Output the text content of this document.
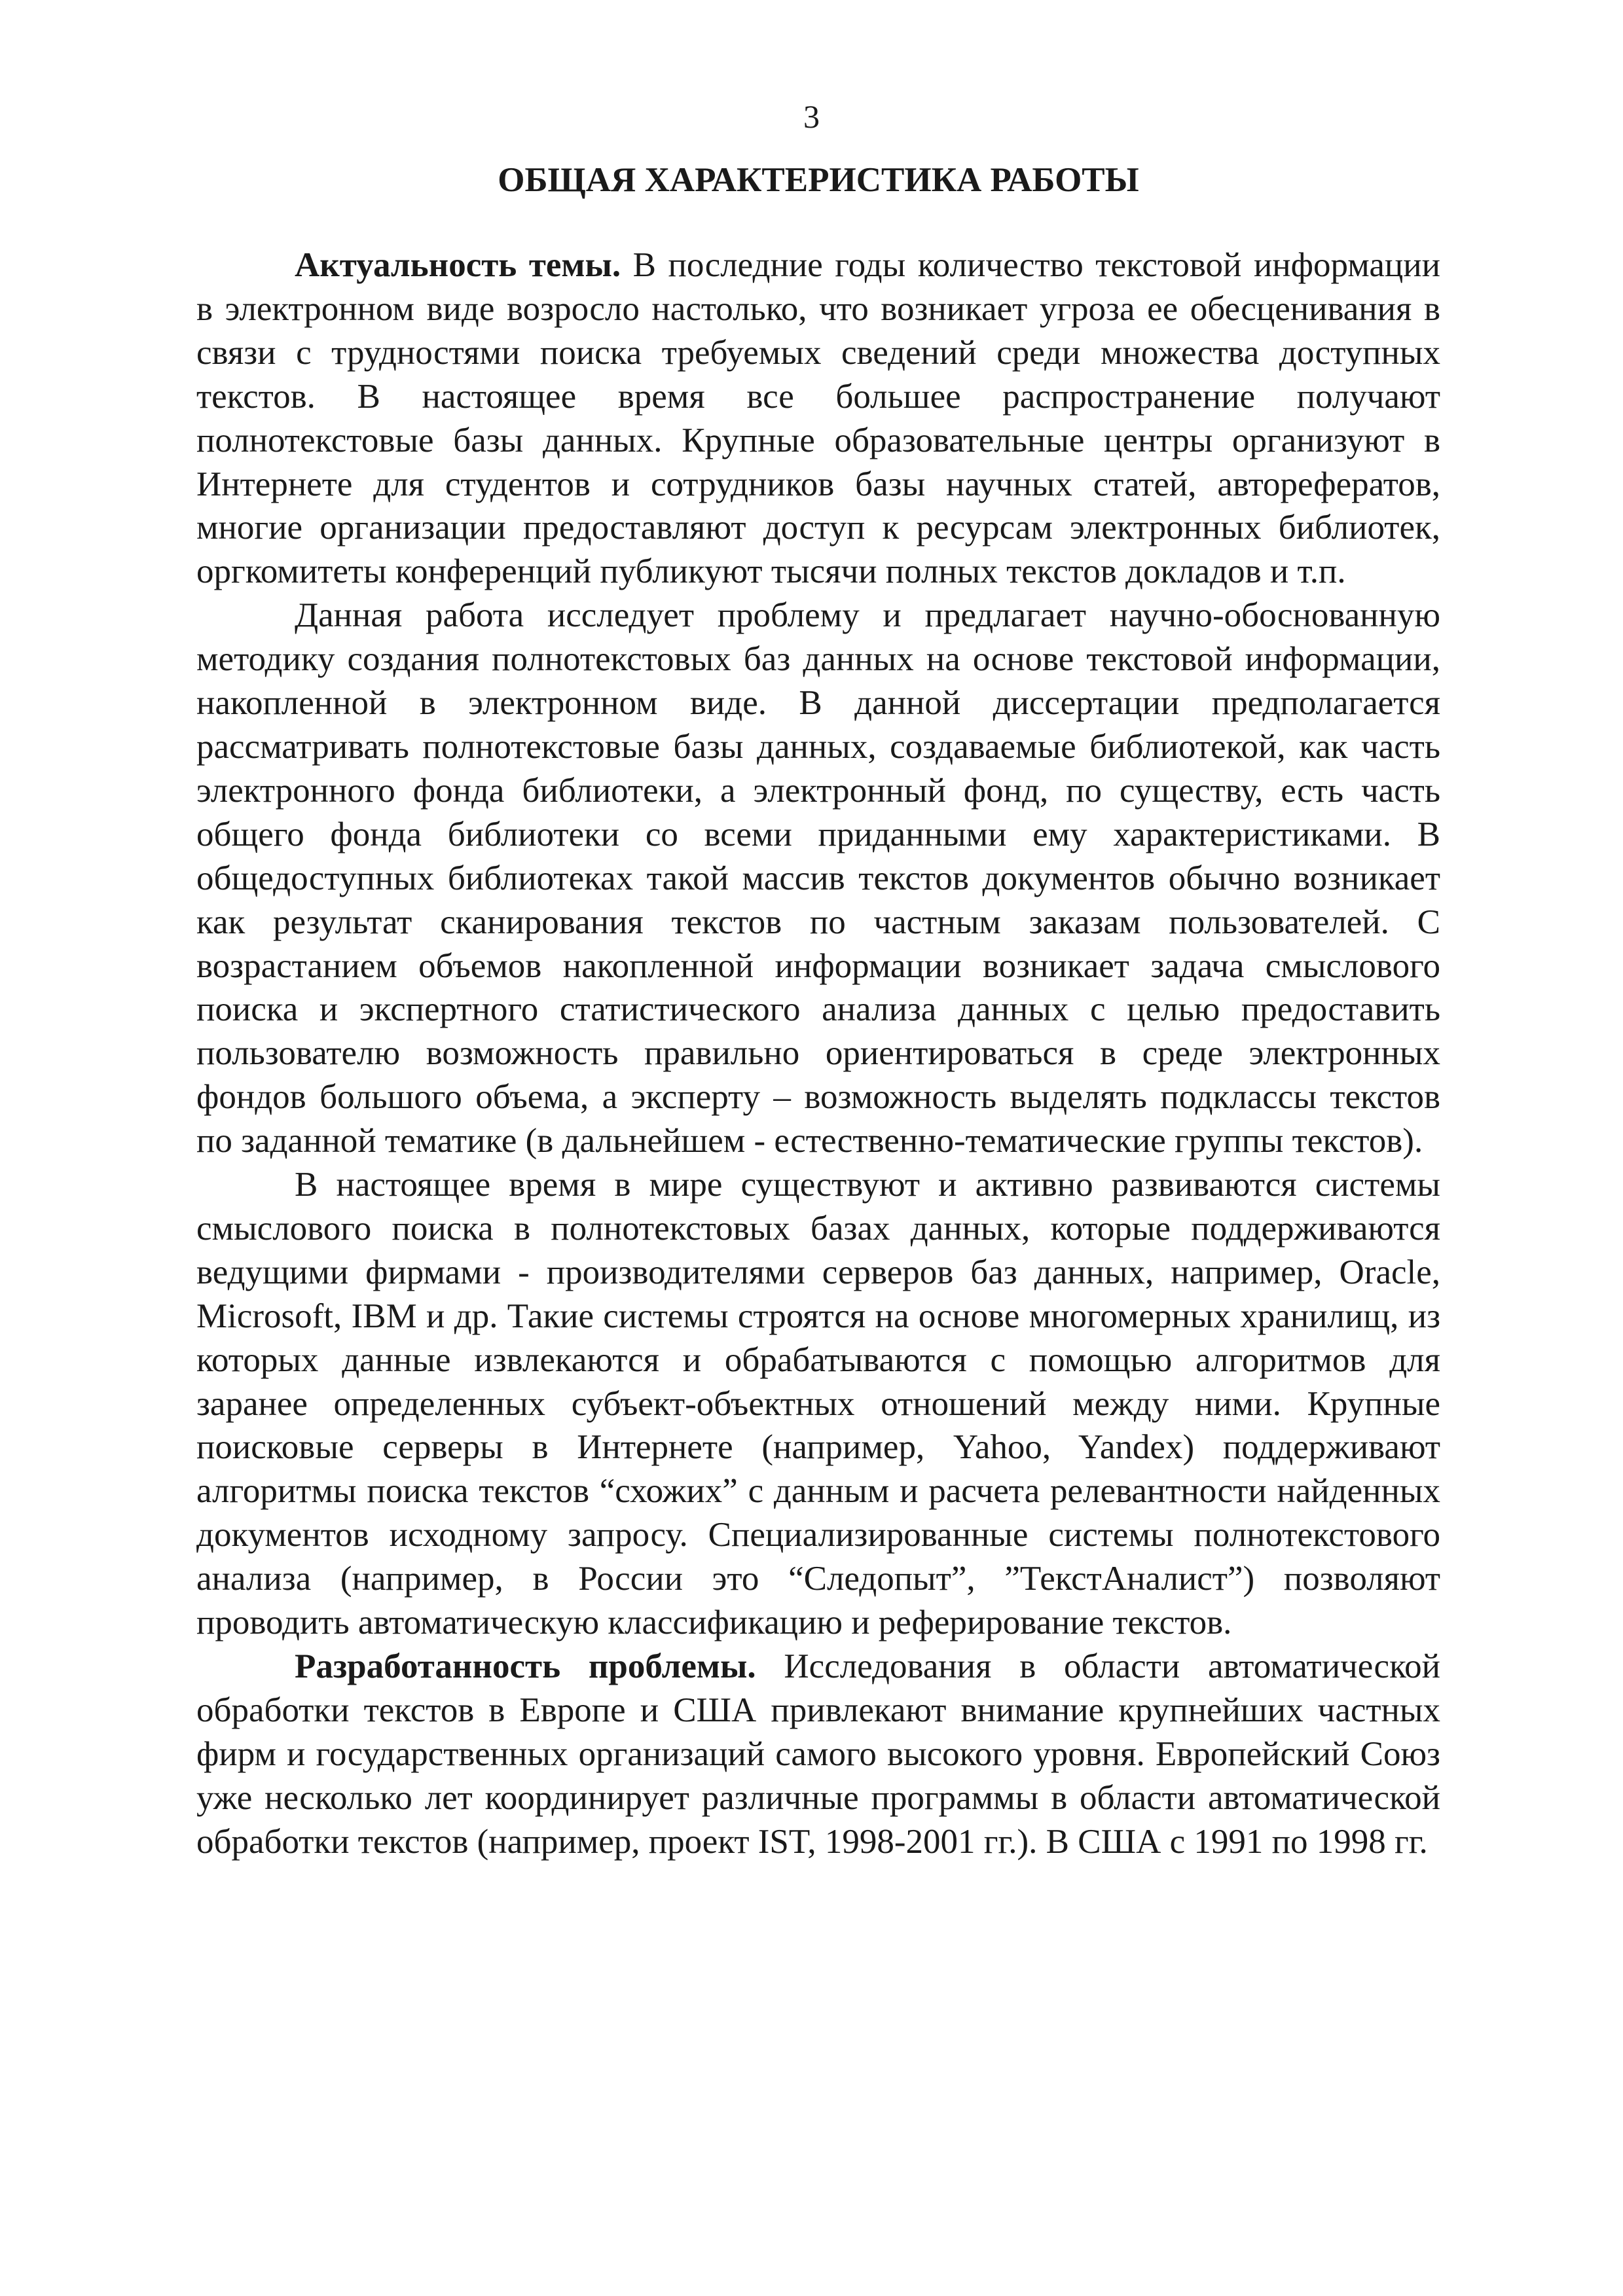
3
ОБЩАЯ ХАРАКТЕРИСТИКА РАБОТЫ

Актуальность темы. В последние годы количество текстовой информации в электронном виде возросло настолько, что возникает угроза ее обесценивания в связи с трудностями поиска требуемых сведений среди множества доступных текстов. В настоящее время все большее распространение получают полнотекстовые базы данных. Крупные образовательные центры организуют в Интернете для студентов и сотрудников базы научных статей, авторефератов, многие организации предоставляют доступ к ресурсам электронных библиотек, оргкомитеты конференций публикуют тысячи полных текстов докладов и т.п.

Данная работа исследует проблему и предлагает научно-обоснованную методику создания полнотекстовых баз данных на основе текстовой информации, накопленной в электронном виде. В данной диссертации предполагается рассматривать полнотекстовые базы данных, создаваемые библиотекой, как часть электронного фонда библиотеки, а электронный фонд, по существу, есть часть общего фонда библиотеки со всеми приданными ему характеристиками. В общедоступных библиотеках такой массив текстов документов обычно возникает как результат сканирования текстов по частным заказам пользователей. С возрастанием объемов накопленной информации возникает задача смыслового поиска и экспертного статистического анализа данных с целью предоставить пользователю возможность правильно ориентироваться в среде электронных фондов большого объема, а эксперту – возможность выделять подклассы текстов по заданной тематике (в дальнейшем - естественно-тематические группы текстов).

В настоящее время в мире существуют и активно развиваются системы смыслового поиска в полнотекстовых базах данных, которые поддерживаются ведущими фирмами - производителями серверов баз данных, например, Oracle, Microsoft, IBM и др. Такие системы строятся на основе многомерных хранилищ, из которых данные извлекаются и обрабатываются с помощью алгоритмов для заранее определенных субъект-объектных отношений между ними. Крупные поисковые серверы в Интернете (например, Yahoo, Yandex) поддерживают алгоритмы поиска текстов “схожих” с данным и расчета релевантности найденных документов исходному запросу. Специализированные системы полнотекстового анализа (например, в России это “Следопыт”, ”ТекстАналист”) позволяют проводить автоматическую классификацию и реферирование текстов.

Разработанность проблемы. Исследования в области автоматической обработки текстов в Европе и США привлекают внимание крупнейших частных фирм и государственных организаций самого высокого уровня. Европейский Союз уже несколько лет координирует различные программы в области автоматической обработки текстов (например, проект IST, 1998-2001 гг.). В США с 1991 по 1998 гг.
